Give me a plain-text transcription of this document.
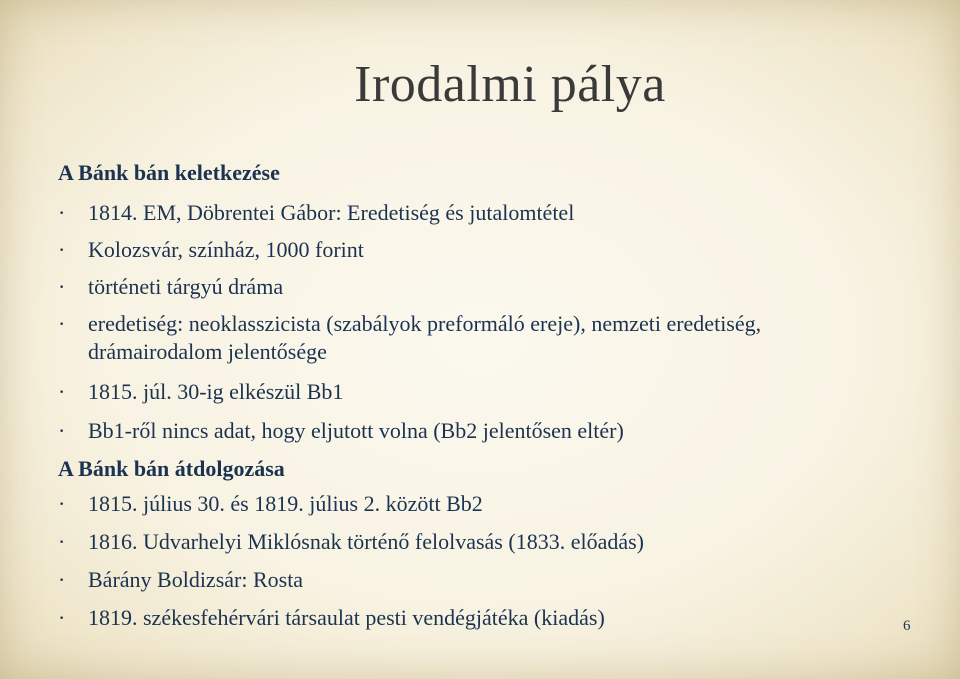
Irodalmi pálya
A Bánk bán keletkezése
·	1814. EM, Döbrentei Gábor: Eredetiség és jutalomtétel
·	Kolozsvár, színház, 1000 forint
·	történeti tárgyú dráma
·	eredetiség: neoklasszicista (szabályok preformáló ereje), nemzeti eredetiség, drámairodalom jelentősége
·	1815. júl. 30-ig elkészül Bb1
·	Bb1-ről nincs adat, hogy eljutott volna (Bb2 jelentősen eltér)
A Bánk bán átdolgozása
·	1815. július 30. és 1819. július 2. között Bb2
·	1816. Udvarhelyi Miklósnak történő felolvasás (1833. előadás)
·	Bárány Boldizsár: Rosta
·	1819. székesfehérvári társaulat pesti vendégjátéka (kiadás)	6
